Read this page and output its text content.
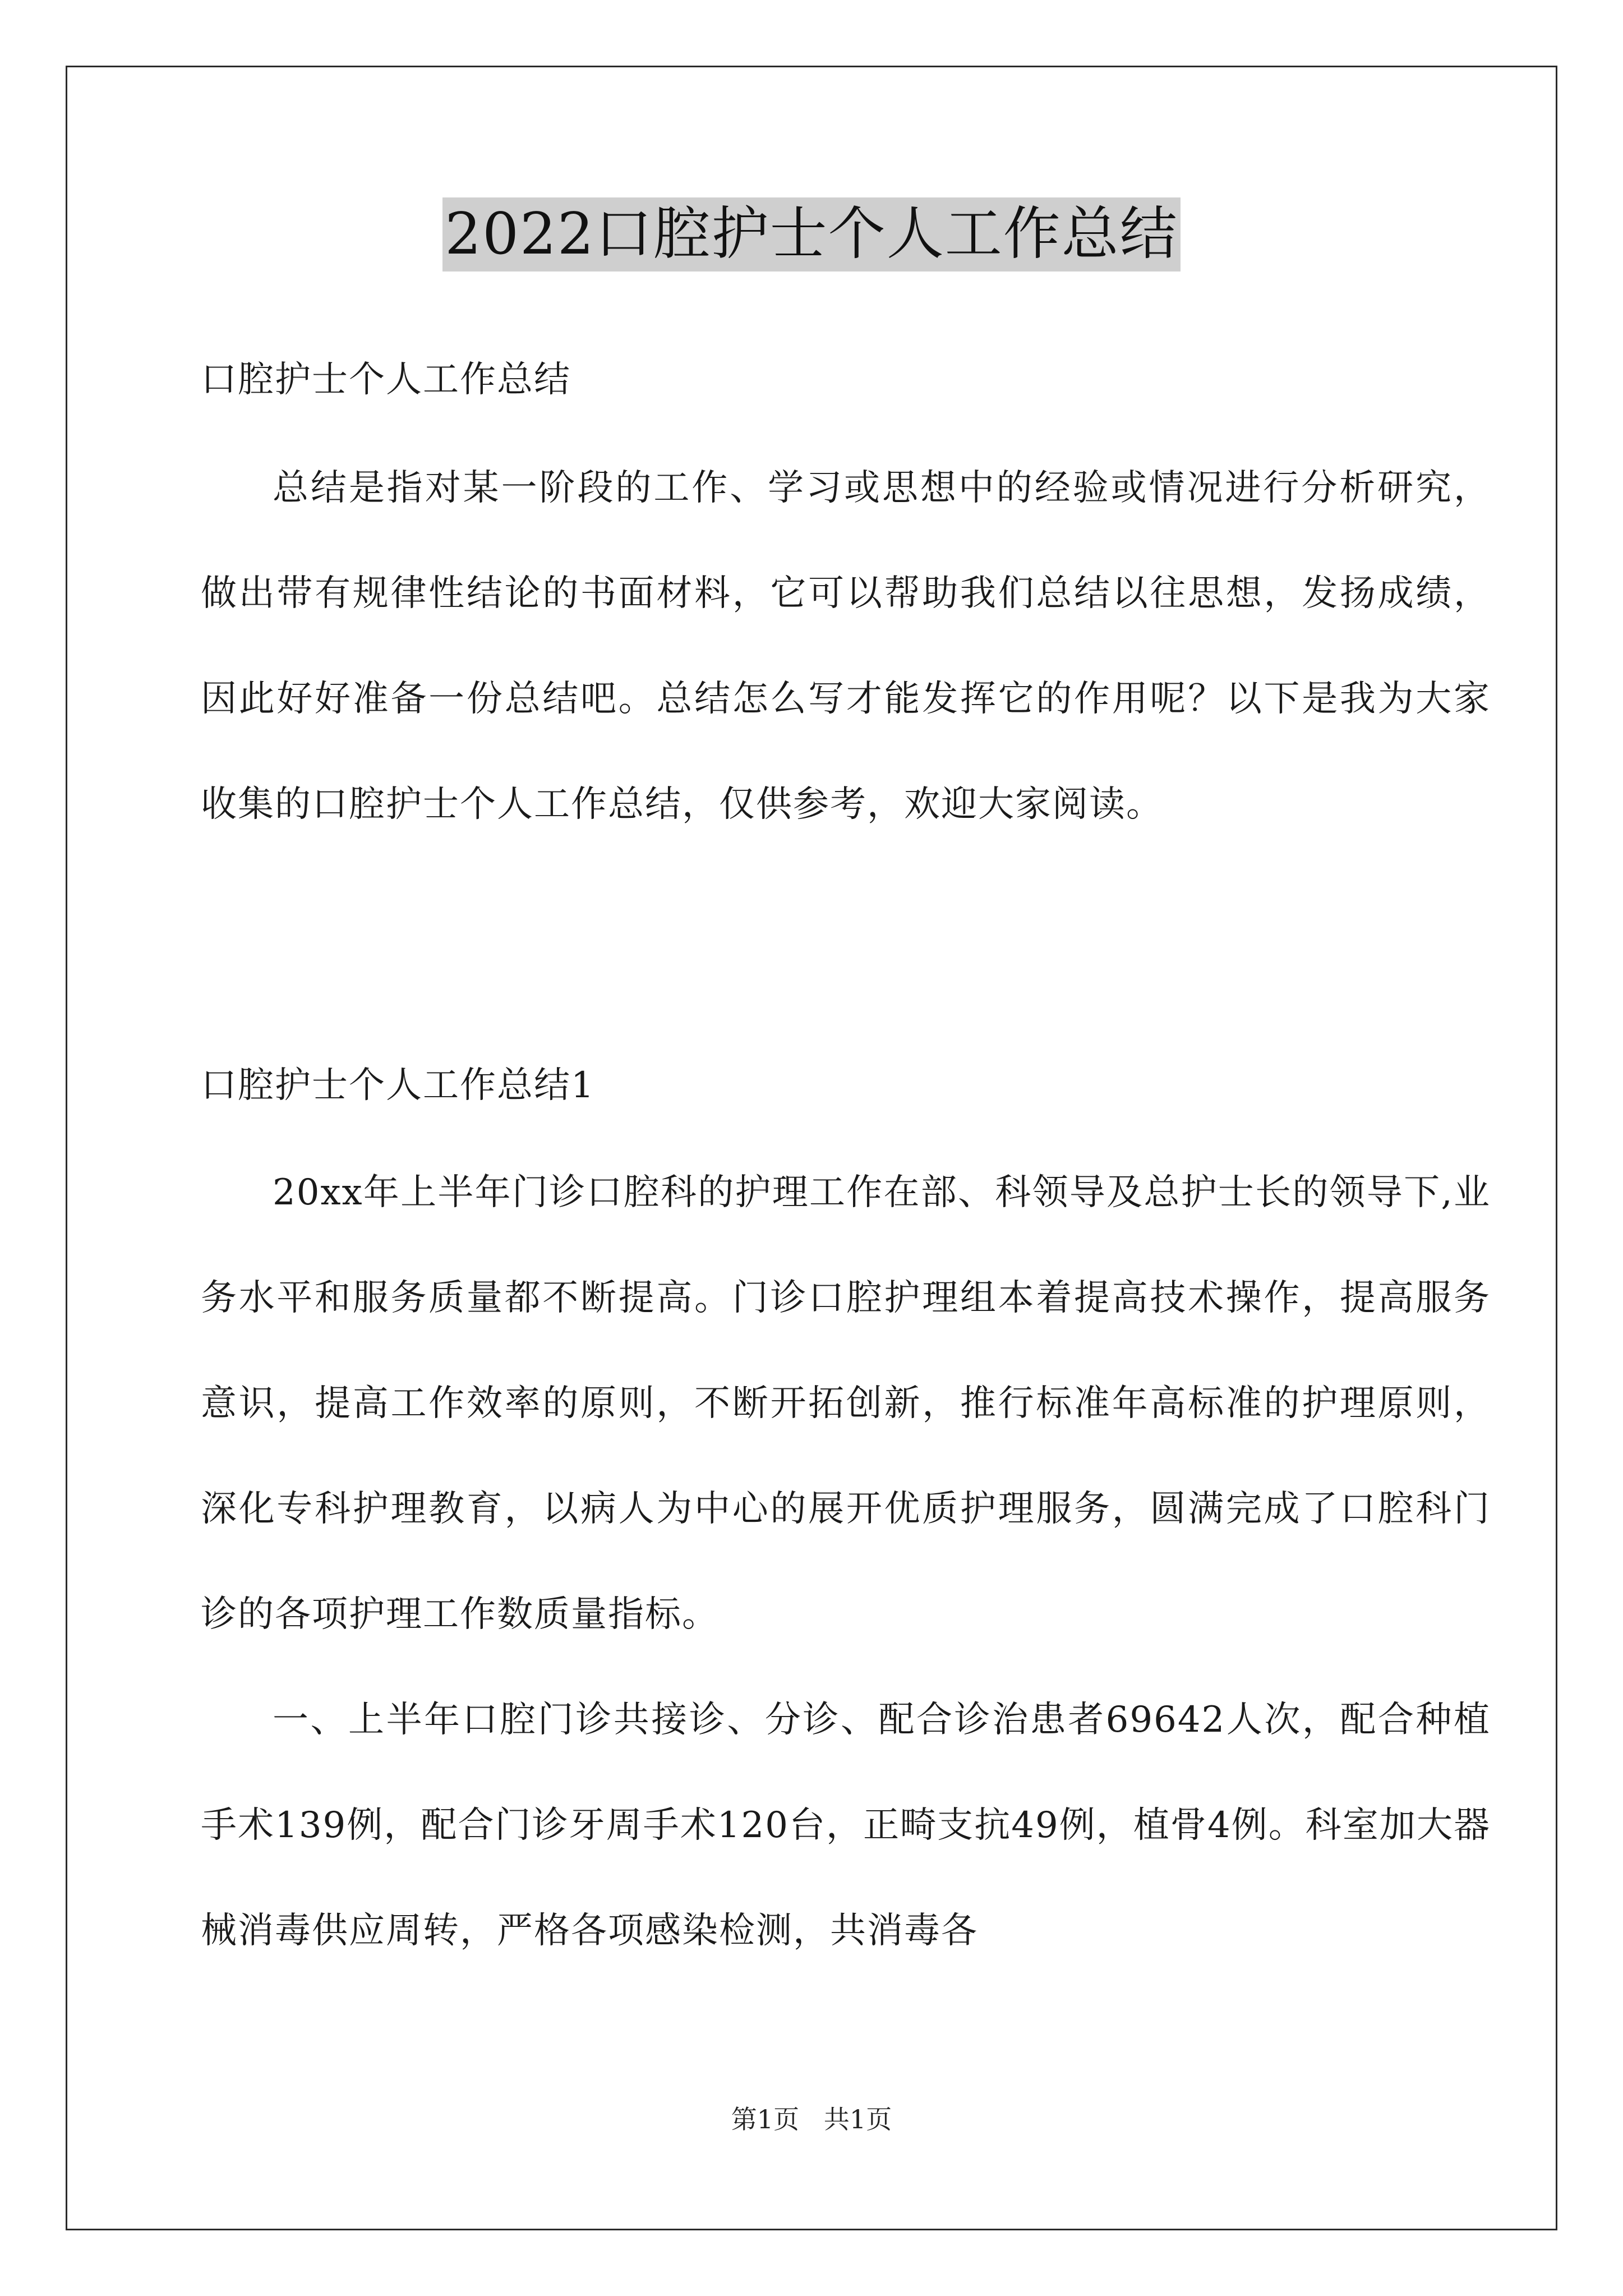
2022口腔护士个人工作总结
口腔护士个人工作总结

总结是指对某一阶段的工作、学习或思想中的经验或情况进行分析研究，做出带有规律性结论的书面材料，它可以帮助我们总结以往思想，发扬成绩，因此好好准备一份总结吧。总结怎么写才能发挥它的作用呢？以下是我为大家收集的口腔护士个人工作总结，仅供参考，欢迎大家阅读。

口腔护士个人工作总结1

20xx年上半年门诊口腔科的护理工作在部、科领导及总护士长的领导下,业务水平和服务质量都不断提高。门诊口腔护理组本着提高技术操作，提高服务意识，提高工作效率的原则，不断开拓创新，推行标准年高标准的护理原则，深化专科护理教育，以病人为中心的展开优质护理服务，圆满完成了口腔科门诊的各项护理工作数质量指标。

一、上半年口腔门诊共接诊、分诊、配合诊治患者69642人次，配合种植手术139例，配合门诊牙周手术120台，正畸支抗49例，植骨4例。科室加大器械消毒供应周转，严格各项感染检测，共消毒各

第1页   共1页
